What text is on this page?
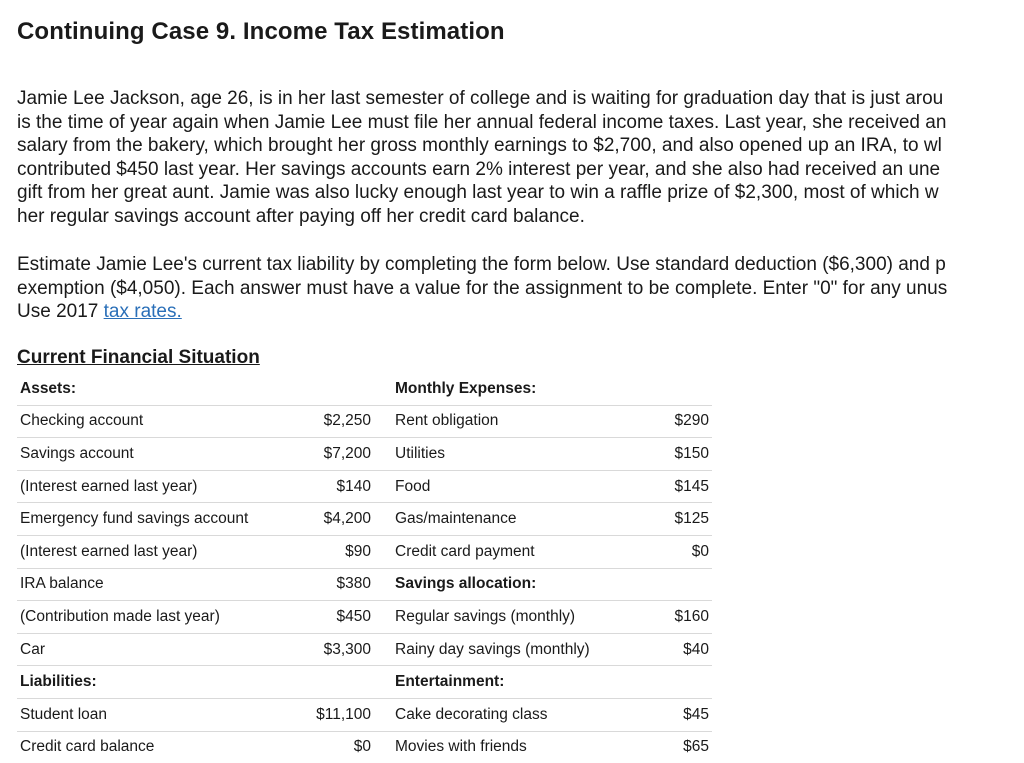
Continuing Case 9. Income Tax Estimation

Jamie Lee Jackson, age 26, is in her last semester of college and is waiting for graduation day that is just arou
is the time of year again when Jamie Lee must file her annual federal income taxes. Last year, she received an
salary from the bakery, which brought her gross monthly earnings to $2,700, and also opened up an IRA, to wl
contributed $450 last year. Her savings accounts earn 2% interest per year, and she also had received an une
gift from her great aunt. Jamie was also lucky enough last year to win a raffle prize of $2,300, most of which w
her regular savings account after paying off her credit card balance.

Estimate Jamie Lee's current tax liability by completing the form below. Use standard deduction ($6,300) and p
exemption ($4,050). Each answer must have a value for the assignment to be complete. Enter "0" for any unus
Use 2017 tax rates.

Current Financial Situation
Assets:		Monthly Expenses:	
Checking account	$2,250	Rent obligation	$290
Savings account	$7,200	Utilities	$150
(Interest earned last year)	$140	Food	$145
Emergency fund savings account	$4,200	Gas/maintenance	$125
(Interest earned last year)	$90	Credit card payment	$0
IRA balance	$380	Savings allocation:	
(Contribution made last year)	$450	Regular savings (monthly)	$160
Car	$3,300	Rainy day savings (monthly)	$40
Liabilities:		Entertainment:	
Student loan	$11,100	Cake decorating class	$45
Credit card balance	$0	Movies with friends	$65
